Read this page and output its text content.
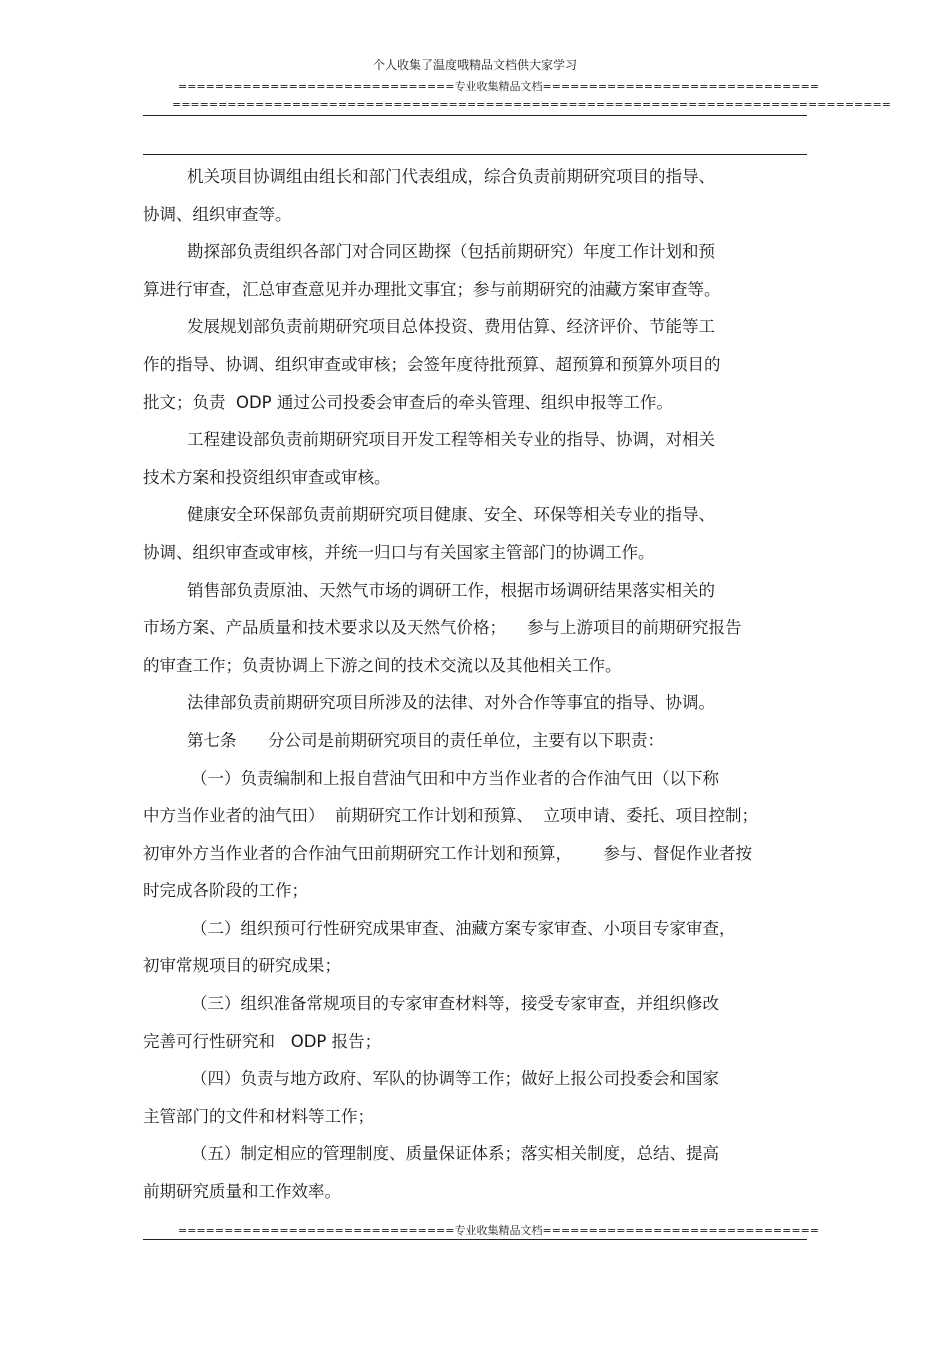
个人收集了温度哦精品文档供大家学习
============================== 专业收集精品文档 ==============================
==============================================================================
机关项目协调组由组长和部门代表组成，综合负责前期研究项目的指导、
协调、组织审查等。
勘探部负责组织各部门对合同区勘探（包括前期研究）年度工作计划和预
算进行审查，汇总审查意见并办理批文事宜；参与前期研究的油藏方案审查等。
发展规划部负责前期研究项目总体投资、费用估算、经济评价、节能等工
作的指导、协调、组织审查或审核；会签年度待批预算、超预算和预算外项目的
批文；负责  ODP 通过公司投委会审查后的牵头管理、组织申报等工作。
工程建设部负责前期研究项目开发工程等相关专业的指导、协调，对相关
技术方案和投资组织审查或审核。
健康安全环保部负责前期研究项目健康、安全、环保等相关专业的指导、
协调、组织审查或审核，并统一归口与有关国家主管部门的协调工作。
销售部负责原油、天然气市场的调研工作，根据市场调研结果落实相关的
市场方案、产品质量和技术要求以及天然气价格；    参与上游项目的前期研究报告
的审查工作；负责协调上下游之间的技术交流以及其他相关工作。
法律部负责前期研究项目所涉及的法律、对外合作等事宜的指导、协调。
第七条      分公司是前期研究项目的责任单位，主要有以下职责：
（一）负责编制和上报自营油气田和中方当作业者的合作油气田（以下称
中方当作业者的油气田）  前期研究工作计划和预算、  立项申请、委托、项目控制；
初审外方当作业者的合作油气田前期研究工作计划和预算，      参与、督促作业者按
时完成各阶段的工作；
（二）组织预可行性研究成果审查、油藏方案专家审查、小项目专家审查，
初审常规项目的研究成果；
（三）组织准备常规项目的专家审查材料等，接受专家审查，并组织修改
完善可行性研究和   ODP 报告；
（四）负责与地方政府、军队的协调等工作；做好上报公司投委会和国家
主管部门的文件和材料等工作；
（五）制定相应的管理制度、质量保证体系；落实相关制度，总结、提高
前期研究质量和工作效率。
============================== 专业收集精品文档 ==============================
